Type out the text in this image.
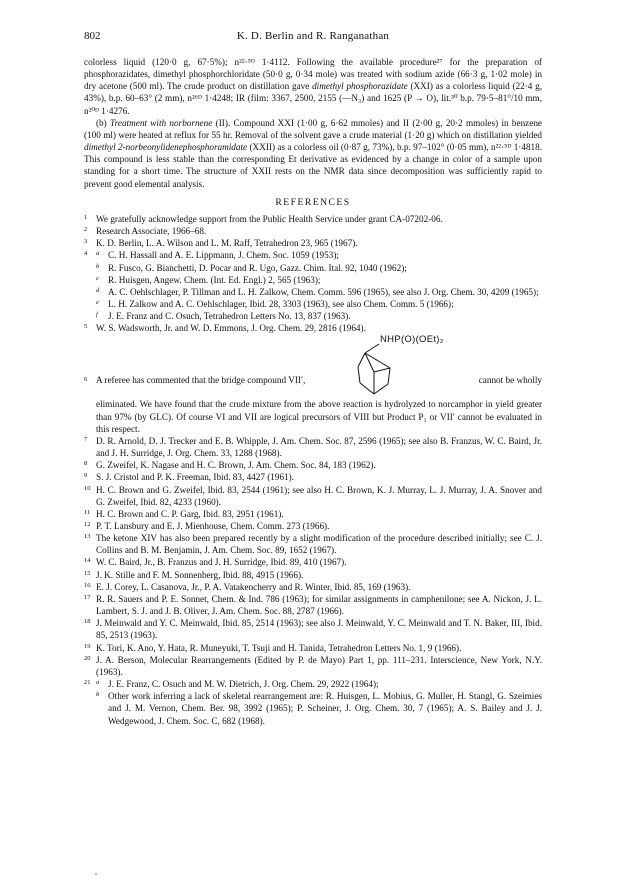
802	K. D. Berlin and R. Ranganathan

colorless liquid (120·0 g, 67·5%); n²²·⁵ᴰ 1·4112. Following the available procedure²⁷ for the preparation of phosphorazidates, dimethyl phosphorchloridate (50·0 g, 0·34 mole) was treated with sodium azide (66·3 g, 1·02 mole) in dry acetone (500 ml). The crude product on distillation gave dimethyl phosphorazidate (XXI) as a colorless liquid (22·4 g, 43%), b.p. 60–63° (2 mm), n²⁶ᴰ 1·4248; IR (film: 3367, 2500, 2155 (—N₃) and 1625 (P → O), lit.³⁰ b.p. 79·5–81°/10 mm, n²⁰ᴰ 1·4276.

(b) Treatment with norbornene (II). Compound XXI (1·00 g, 6·62 mmoles) and II (2·00 g, 20·2 mmoles) in benzene (100 ml) were heated at reflux for 55 hr. Removal of the solvent gave a crude material (1·20 g) which on distillation yielded dimethyl 2-norbeonylidenephosphoramidate (XXII) as a colorless oil (0·87 g, 73%), b.p. 97–102° (0·05 mm), n²²·⁵ᴰ 1·4818. This compound is less stable than the corresponding Et derivative as evidenced by a change in color of a sample upon standing for a short time. The structure of XXII rests on the NMR data since decomposition was sufficiently rapid to prevent good elemental analysis.

REFERENCES
1 We gratefully acknowledge support from the Public Health Service under grant CA-07202-06.
2 Research Associate, 1966–68.
3 K. D. Berlin, L. A. Wilson and L. M. Raff, Tetrahedron 23, 965 (1967).
4 a C. H. Hassall and A. E. Lippmann, J. Chem. Soc. 1059 (1953);
b R. Fusco, G. Bianchetti, D. Pocar and R. Ugo, Gazz. Chim. Ital. 92, 1040 (1962);
c R. Huisgen, Angew. Chem. (Int. Ed. Engl.) 2, 565 (1963);
d A. C. Oehlschlager, P. Tillman and L. H. Zalkow, Chem. Comm. 596 (1965), see also J. Org. Chem. 30, 4209 (1965);
e L. H. Zalkow and A. C. Oehlschlager, Ibid. 28, 3303 (1963), see also Chem. Comm. 5 (1966);
f J. E. Franz and C. Osuch, Tetrahedron Letters No. 13, 837 (1963).
5 W. S. Wadsworth, Jr. and W. D. Emmons, J. Org. Chem. 29, 2816 (1964).
6 A referee has commented that the bridge compound VII′,
NHP(O)(OEt)₂
cannot be wholly
eliminated. We have found that the crude mixture from the above reaction is hydrolyzed to norcamphor in yield greater than 97% (by GLC). Of course VI and VII are logical precursors of VIII but Product P₁ or VII′ cannot be evaluated in this respect.
7 D. R. Arnold, D. J. Trecker and E. B. Whipple, J. Am. Chem. Soc. 87, 2596 (1965); see also B. Franzus, W. C. Baird, Jr. and J. H. Surridge, J. Org. Chem. 33, 1288 (1968).
8 G. Zweifel, K. Nagase and H. C. Brown, J. Am. Chem. Soc. 84, 183 (1962).
9 S. J. Cristol and P. K. Freeman, Ibid. 83, 4427 (1961).
10 H. C. Brown and G. Zweifel, Ibid. 83, 2544 (1961); see also H. C. Brown, K. J. Murray, L. J. Murray, J. A. Snover and G. Zweifel, Ibid. 82, 4233 (1960).
11 H. C. Brown and C. P. Garg, Ibid. 83, 2951 (1961).
12 P. T. Lansbury and E. J. Mienhouse, Chem. Comm. 273 (1966).
13 The ketone XIV has also been prepared recently by a slight modification of the procedure described initially; see C. J. Collins and B. M. Benjamin, J. Am. Chem. Soc. 89, 1652 (1967).
14 W. C. Baird, Jr., B. Franzus and J. H. Surridge, Ibid. 89, 410 (1967).
15 J. K. Stille and F. M. Sonnenberg, Ibid. 88, 4915 (1966).
16 E. J. Corey, L. Casanova, Jr., P. A. Vatakencherry and R. Winter, Ibid. 85, 169 (1963).
17 R. R. Sauers and P. E. Sonnet, Chem. & Ind. 786 (1963); for similar assignments in camphenilone; see A. Nickon, J. L. Lambert, S. J. and J. B. Oliver, J. Am. Chem. Soc. 88, 2787 (1966).
18 J. Meinwald and Y. C. Meinwald, Ibid. 85, 2514 (1963); see also J. Meinwald, Y. C. Meinwald and T. N. Baker, III, Ibid. 85, 2513 (1963).
19 K. Tori, K. Ano, Y. Hata, R. Muneyuki, T. Tsuji and H. Tanida, Tetrahedron Letters No. 1, 9 (1966).
20 J. A. Berson, Molecular Rearrangements (Edited by P. de Mayo) Part 1, pp. 111–231. Interscience, New York, N.Y. (1963).
21 a J. E. Franz, C. Osuch and M. W. Dietrich, J. Org. Chem. 29, 2922 (1964);
b Other work inferring a lack of skeletal rearrangement are: R. Huisgen, L. Mobius, G. Muller, H. Stangl, G. Szeimies and J. M. Vernon, Chem. Ber. 98, 3992 (1965); P. Scheiner, J. Org. Chem. 30, 7 (1965); A. S. Bailey and J. J. Wedgewood, J. Chem. Soc. C, 682 (1968).
